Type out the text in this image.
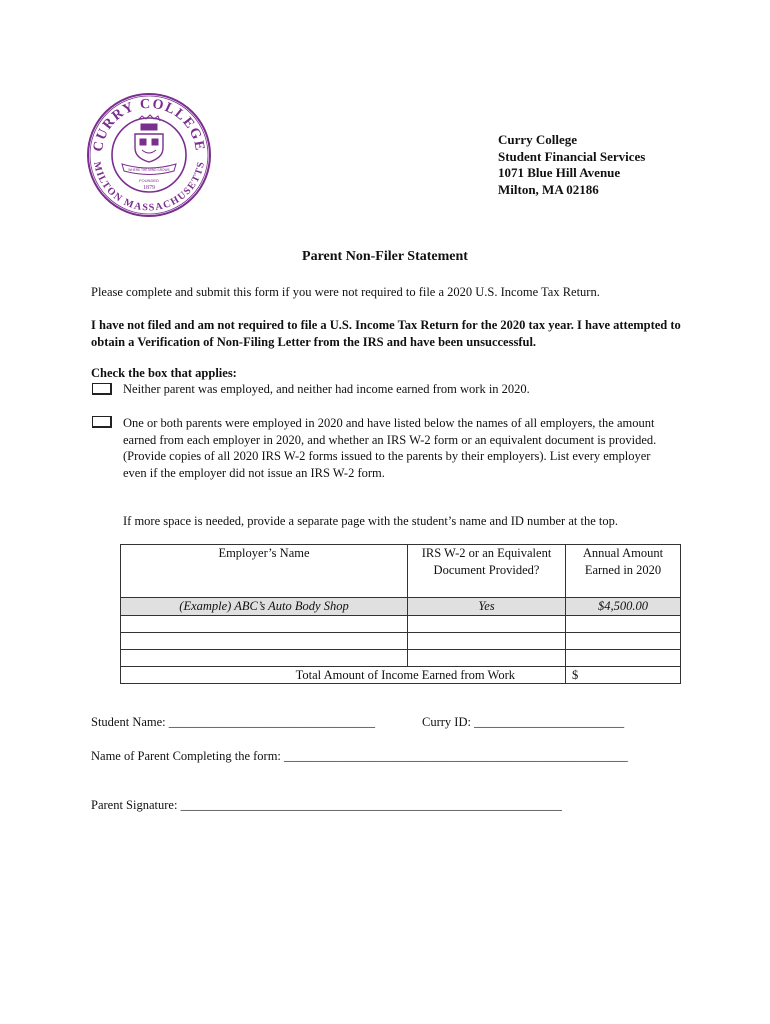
CURRY COLLEGE
MILTON MASSACHUSETTS
WHERE THE MIND GROWS
FOUNDED
1879
Curry College
Student Financial Services
1071 Blue Hill Avenue
Milton, MA 02186
Parent Non-Filer Statement
Please complete and submit this form if you were not required to file a 2020 U.S. Income Tax Return.
I have not filed and am not required to file a U.S. Income Tax Return for the 2020 tax year. I have attempted to obtain a Verification of Non-Filing Letter from the IRS and have been unsuccessful.
Check the box that applies:
Neither parent was employed, and neither had income earned from work in 2020.
One or both parents were employed in 2020 and have listed below the names of all employers, the amount earned from each employer in 2020, and whether an IRS W-2 form or an equivalent document is provided. (Provide copies of all 2020 IRS W-2 forms issued to the parents by their employers). List every employer even if the employer did not issue an IRS W-2 form.
If more space is needed, provide a separate page with the student’s name and ID number at the top.
Employer’s Name	IRS W-2 or an Equivalent Document Provided?	Annual Amount Earned in 2020
(Example) ABC’s Auto Body Shop	Yes	$4,500.00

Total Amount of Income Earned from Work		$
Student Name: _________________________________	Curry ID: ________________________
Name of Parent Completing the form: _______________________________________________________
Parent Signature: _____________________________________________________________
